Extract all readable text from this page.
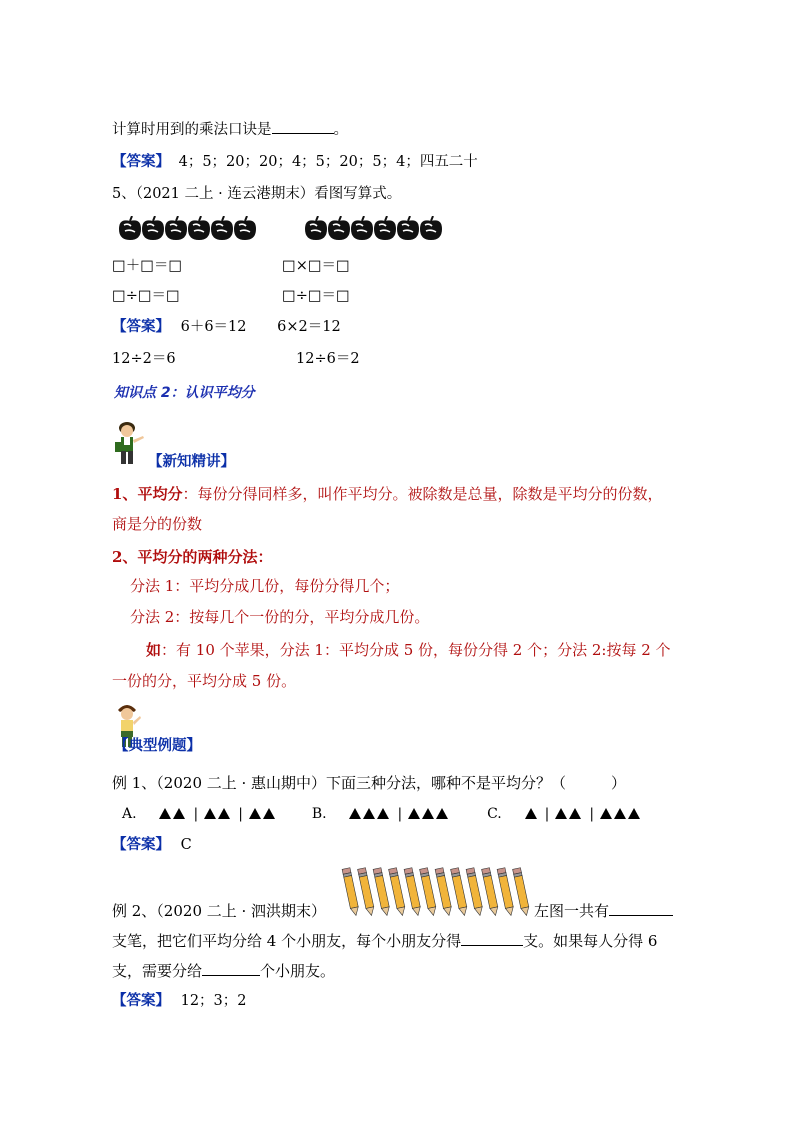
计算时用到的乘法口诀是	。
【答案】 4；5；20；20；4；5；20；5；4；四五二十
5、（2021 二上 · 连云港期末）看图写算式。
□＋□＝□	□×□＝□
□÷□＝□	□÷□＝□
【答案】 6＋6＝12 6×2＝12
12÷2＝6	12÷6＝2
知识点 2：认识平均分
【新知精讲】
1、平均分：每份分得同样多，叫作平均分。被除数是总量，除数是平均分的份数，
商是分的份数
2、平均分的两种分法：
分法 1：平均分成几份，每份分得几个；
分法 2：按每几个一份的分，平均分成几份。
如：有 10 个苹果，分法 1：平均分成 5 份，每份分得 2 个；分法 2:按每 2 个
一份的分，平均分成 5 份。
【典型例题】
例 1、（2020 二上 · 惠山期中）下面三种分法，哪种不是平均分？（　　　）
A.	|	|	B.	|	C.	|	|
【答案】 C
例 2、（2020 二上 · 泗洪期末）	左图一共有
支笔，把它们平均分给 4 个小朋友，每个小朋友分得	支。如果每人分得 6
支，需要分给	个小朋友。
【答案】 12；3；2
